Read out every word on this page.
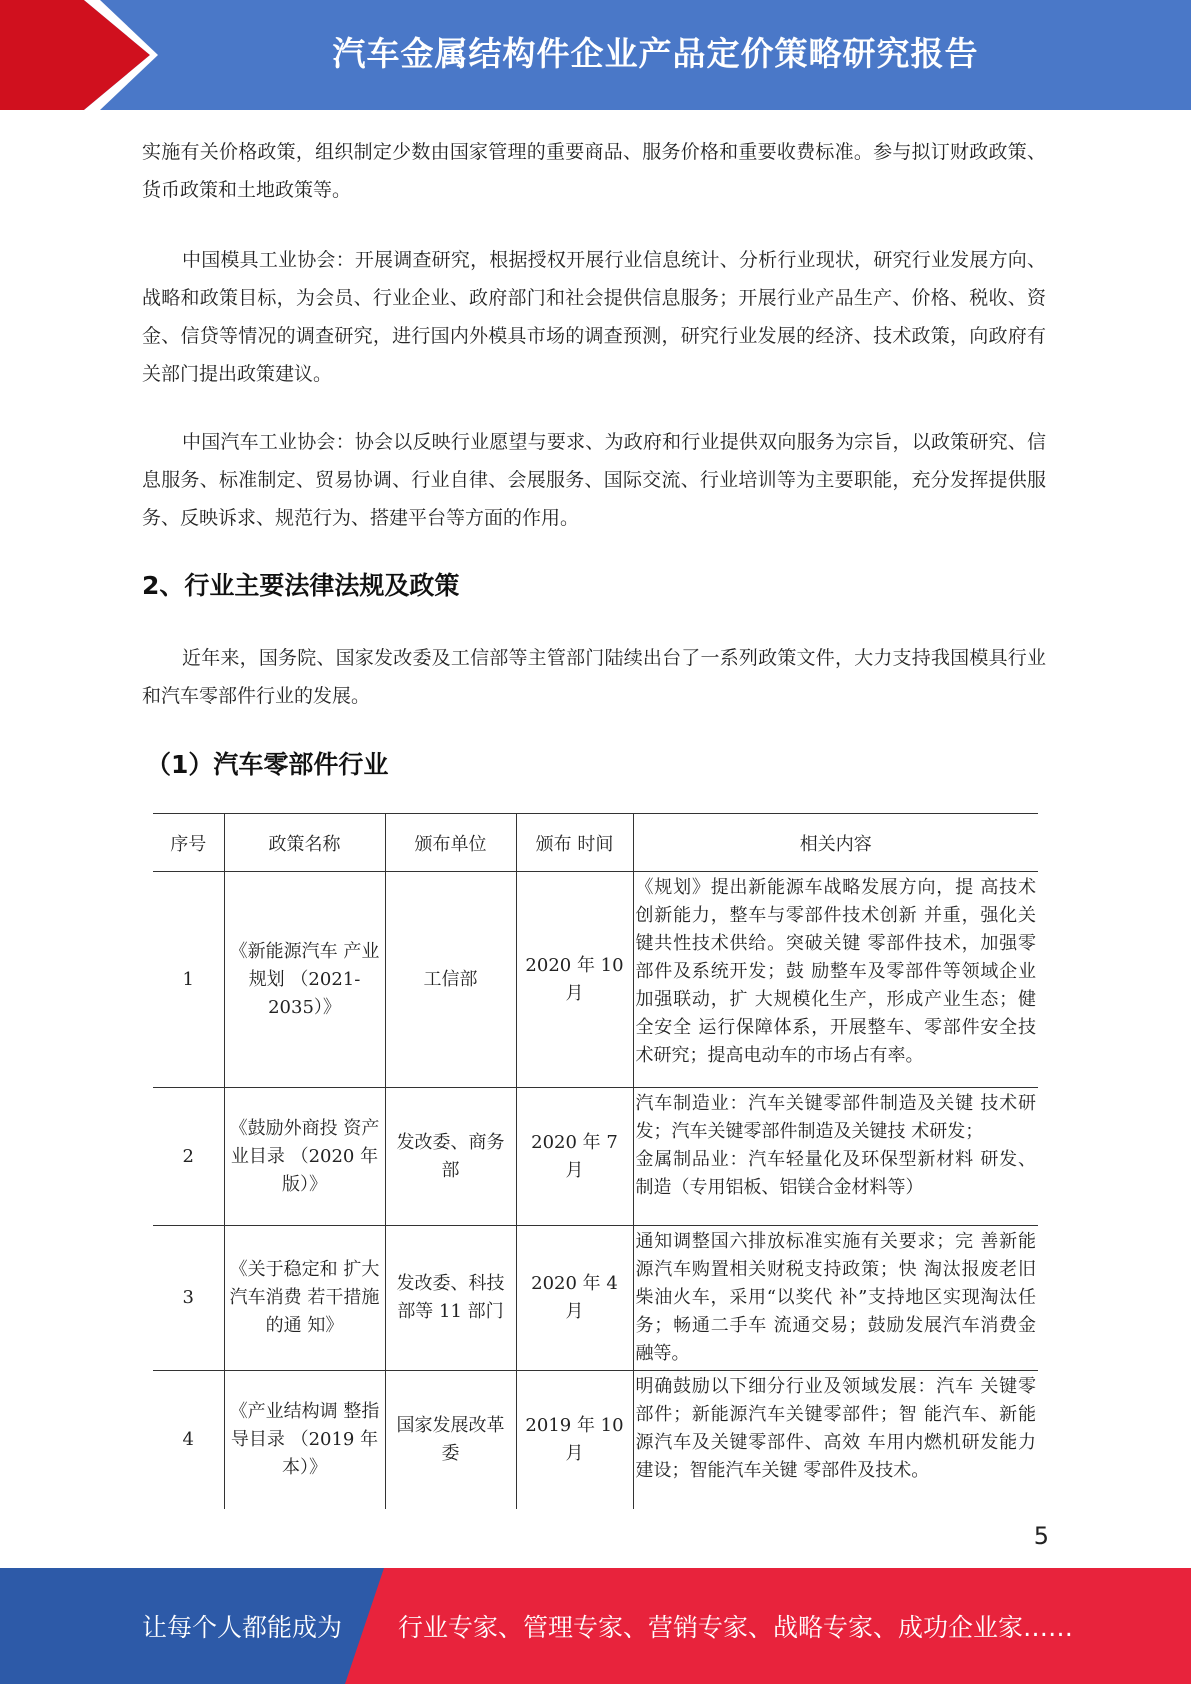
汽车金属结构件企业产品定价策略研究报告

实施有关价格政策，组织制定少数由国家管理的重要商品、服务价格和重要收费标准。参与拟订财政政策、货币政策和土地政策等。

中国模具工业协会：开展调查研究，根据授权开展行业信息统计、分析行业现状，研究行业发展方向、战略和政策目标，为会员、行业企业、政府部门和社会提供信息服务；开展行业产品生产、价格、税收、资金、信贷等情况的调查研究，进行国内外模具市场的调查预测，研究行业发展的经济、技术政策，向政府有关部门提出政策建议。

中国汽车工业协会：协会以反映行业愿望与要求、为政府和行业提供双向服务为宗旨，以政策研究、信息服务、标准制定、贸易协调、行业自律、会展服务、国际交流、行业培训等为主要职能，充分发挥提供服务、反映诉求、规范行为、搭建平台等方面的作用。

2、行业主要法律法规及政策

近年来，国务院、国家发改委及工信部等主管部门陆续出台了一系列政策文件，大力支持我国模具行业和汽车零部件行业的发展。

（1）汽车零部件行业
序号	政策名称	颁布单位	颁布 时间	相关内容
1	《新能源汽车 产业规划 （2021-2035）》	工信部	2020 年 10 月	《规划》提出新能源车战略发展方向，提 高技术创新能力，整车与零部件技术创新 并重，强化关键共性技术供给。突破关键 零部件技术，加强零部件及系统开发；鼓 励整车及零部件等领域企业加强联动，扩 大规模化生产，形成产业生态；健全安全 运行保障体系，开展整车、零部件安全技 术研究；提高电动车的市场占有率。
2	《鼓励外商投 资产业目录 （2020 年版）》	发改委、商务部	2020 年 7 月	汽车制造业：汽车关键零部件制造及关键 技术研发；汽车关键零部件制造及关键技 术研发；
金属制品业：汽车轻量化及环保型新材料 研发、制造（专用铝板、铝镁合金材料等）
3	《关于稳定和 扩大汽车消费 若干措施的通 知》	发改委、科技部等 11 部门	2020 年 4 月	通知调整国六排放标准实施有关要求；完 善新能源汽车购置相关财税支持政策；快 淘汰报废老旧柴油火车，采用“以奖代 补”支持地区实现淘汰任务；畅通二手车 流通交易；鼓励发展汽车消费金融等。
4	《产业结构调 整指导目录 （2019 年本）》	国家发展改革委	2019 年 10 月	明确鼓励以下细分行业及领域发展：汽车 关键零部件；新能源汽车关键零部件；智 能汽车、新能源汽车及关键零部件、高效 车用内燃机研发能力建设；智能汽车关键 零部件及技术。
5
让每个人都能成为 行业专家、管理专家、营销专家、战略专家、成功企业家……
